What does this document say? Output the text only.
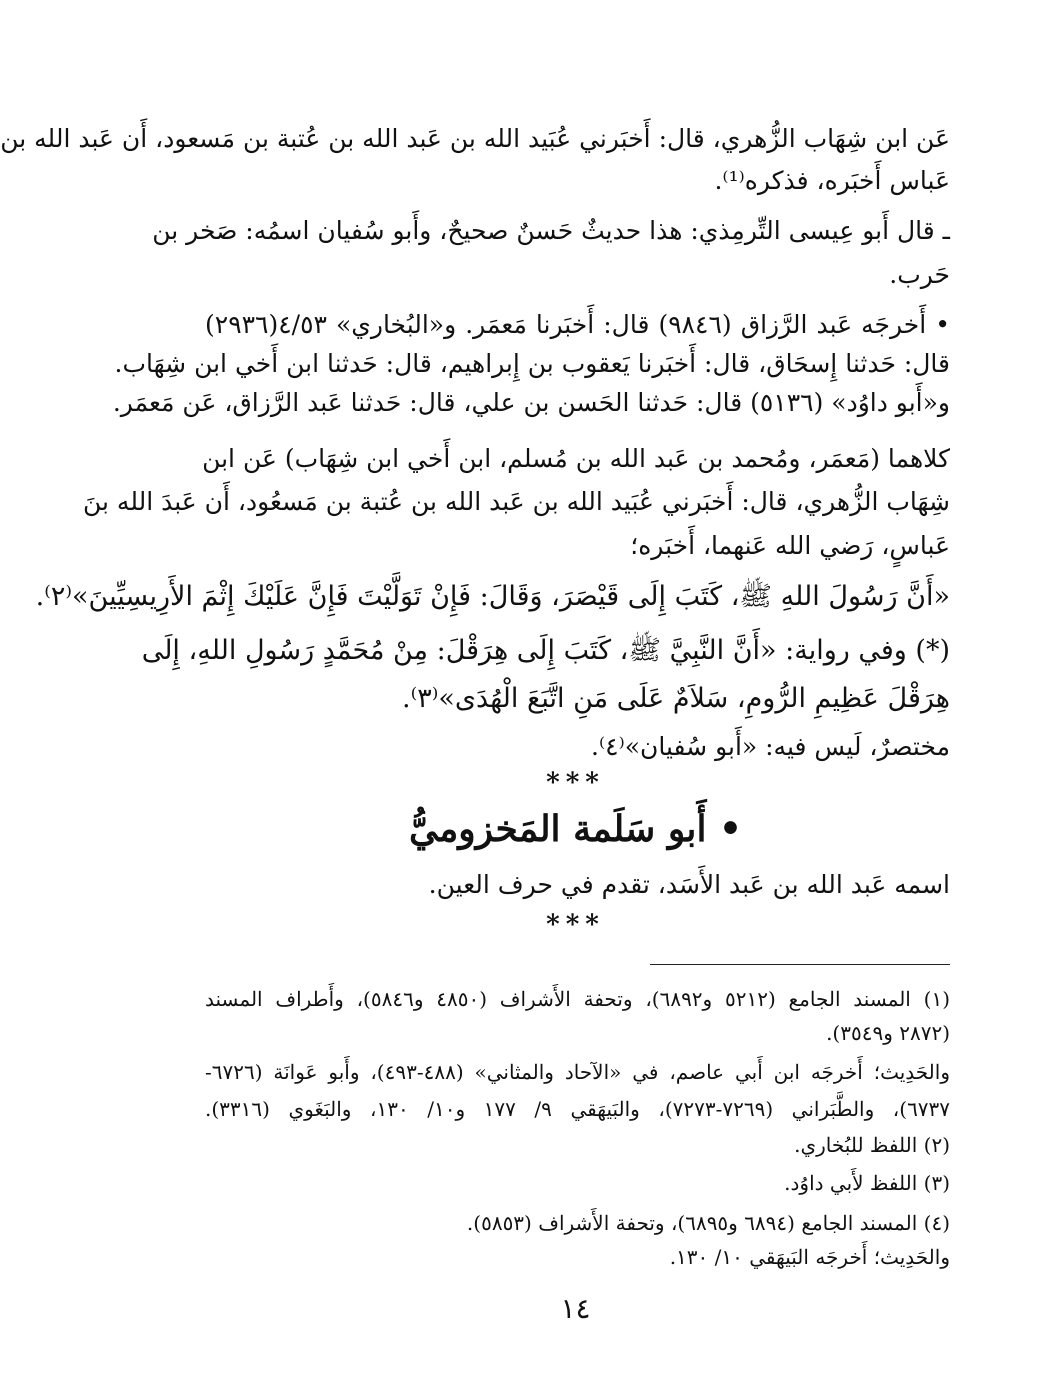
عَن ابن شِهَاب الزُّهري، قال: أَخبَرني عُبَيد الله بن عَبد الله بن عُتبة بن مَسعود، أَن عَبد الله بن
عَباس أَخبَره، فذكره⁽¹⁾.
ـ قال أَبو عِيسى التِّرمِذي: هذا حديثٌ حَسنٌ صحيحٌ، وأَبو سُفيان اسمُه: صَخر بن
حَرب.
• أَخرجَه عَبد الرَّزاق (٩٨٤٦) قال: أَخبَرنا مَعمَر. و«البُخاري» ٤/٥٣(٢٩٣٦)
قال: حَدثنا إِسحَاق، قال: أَخبَرنا يَعقوب بن إِبراهيم، قال: حَدثنا ابن أَخي ابن شِهَاب.
و«أَبو داوُد» (٥١٣٦) قال: حَدثنا الحَسن بن علي، قال: حَدثنا عَبد الرَّزاق، عَن مَعمَر.
كلاهما (مَعمَر، ومُحمد بن عَبد الله بن مُسلم، ابن أَخي ابن شِهَاب) عَن ابن
شِهَاب الزُّهري، قال: أَخبَرني عُبَيد الله بن عَبد الله بن عُتبة بن مَسعُود، أَن عَبدَ الله بنَ
عَباسٍ، رَضي الله عَنهما، أَخبَره؛
«أَنَّ رَسُولَ اللهِ ﷺ، كَتَبَ إِلَى قَيْصَرَ، وَقَالَ: فَإِنْ تَوَلَّيْتَ فَإِنَّ عَلَيْكَ إِثْمَ الأَرِيسِيِّينَ»⁽٢⁾.
(*) وفي رواية: «أَنَّ النَّبِيَّ ﷺ، كَتَبَ إِلَى هِرَقْلَ: مِنْ مُحَمَّدٍ رَسُولِ اللهِ، إِلَى
هِرَقْلَ عَظِيمِ الرُّومِ، سَلاَمٌ عَلَى مَنِ اتَّبَعَ الْهُدَى»⁽٣⁾.
مختصرٌ، لَيس فيه: «أَبو سُفيان»⁽٤⁾.
***
• أَبو سَلَمة المَخزوميُّ
اسمه عَبد الله بن عَبد الأَسَد، تقدم في حرف العين.
***
(١) المسند الجامع (٥٢١٢ و٦٨٩٢)، وتحفة الأَشراف (٤٨٥٠ و٥٨٤٦)، وأَطراف المسند
(٢٨٧٢ و٣٥٤٩).
والحَدِيث؛ أَخرجَه ابن أَبي عاصم، في «الآحاد والمثاني» (٤٨٨-٤٩٣)، وأَبو عَوانَة (٦٧٢٦-
٦٧٣٧)، والطَّبَراني (٧٢٦٩-٧٢٧٣)، والبَيهَقي ٩/ ١٧٧ و١٠/ ١٣٠، والبَغَوي (٣٣١٦).
(٢) اللفظ للبُخاري.
(٣) اللفظ لأَبي داوُد.
(٤) المسند الجامع (٦٨٩٤ و٦٨٩٥)، وتحفة الأَشراف (٥٨٥٣).
والحَدِيث؛ أَخرجَه البَيهَقي ١٠/ ١٣٠.
١٤
